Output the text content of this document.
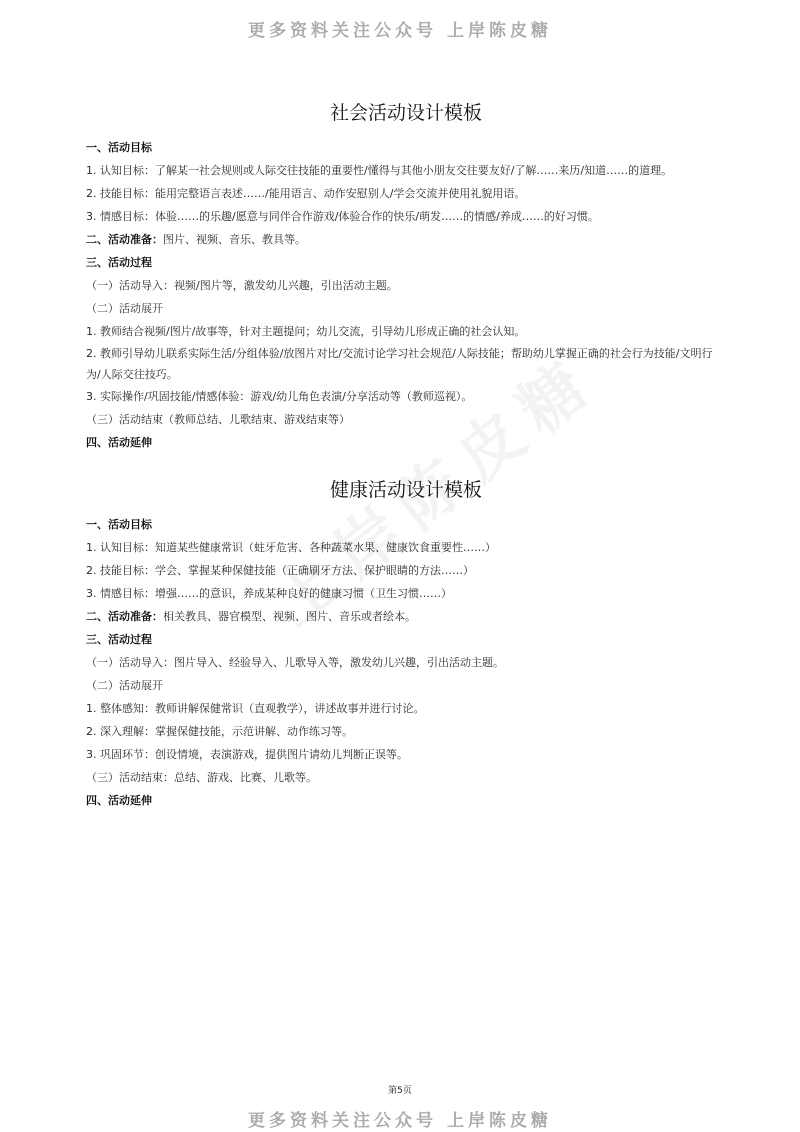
更多资料关注公众号 上岸陈皮糖
社会活动设计模板

一、活动目标

1. 认知目标：了解某一社会规则或人际交往技能的重要性/懂得与其他小朋友交往要友好/了解……来历/知道……的道理。

2. 技能目标：能用完整语言表述……/能用语言、动作安慰别人/学会交流并使用礼貌用语。

3. 情感目标：体验……的乐趣/愿意与同伴合作游戏/体验合作的快乐/萌发……的情感/养成……的好习惯。

二、活动准备：图片、视频、音乐、教具等。

三、活动过程

（一）活动导入：视频/图片等，激发幼儿兴趣，引出活动主题。

（二）活动展开

1. 教师结合视频/图片/故事等，针对主题提问；幼儿交流，引导幼儿形成正确的社会认知。

2. 教师引导幼儿联系实际生活/分组体验/放图片对比/交流讨论学习社会规范/人际技能；帮助幼儿掌握正确的社会行为技能/文明行为/人际交往技巧。

3. 实际操作/巩固技能/情感体验：游戏/幼儿角色表演/分享活动等（教师巡视）。

（三）活动结束（教师总结、儿歌结束、游戏结束等）

四、活动延伸

健康活动设计模板

一、活动目标

1. 认知目标：知道某些健康常识（蛀牙危害、各种蔬菜水果、健康饮食重要性……）

2. 技能目标：学会、掌握某种保健技能（正确刷牙方法、保护眼睛的方法……）

3. 情感目标：增强……的意识，养成某种良好的健康习惯（卫生习惯……）

二、活动准备：相关教具、器官模型、视频、图片、音乐或者绘本。

三、活动过程

（一）活动导入：图片导入、经验导入、儿歌导入等，激发幼儿兴趣，引出活动主题。

（二）活动展开

1. 整体感知：教师讲解保健常识（直观教学），讲述故事并进行讨论。

2. 深入理解：掌握保健技能，示范讲解、动作练习等。

3. 巩固环节：创设情境，表演游戏，提供图片请幼儿判断正误等。

（三）活动结束：总结、游戏、比赛、儿歌等。

四、活动延伸

第5页
更多资料关注公众号 上岸陈皮糖
